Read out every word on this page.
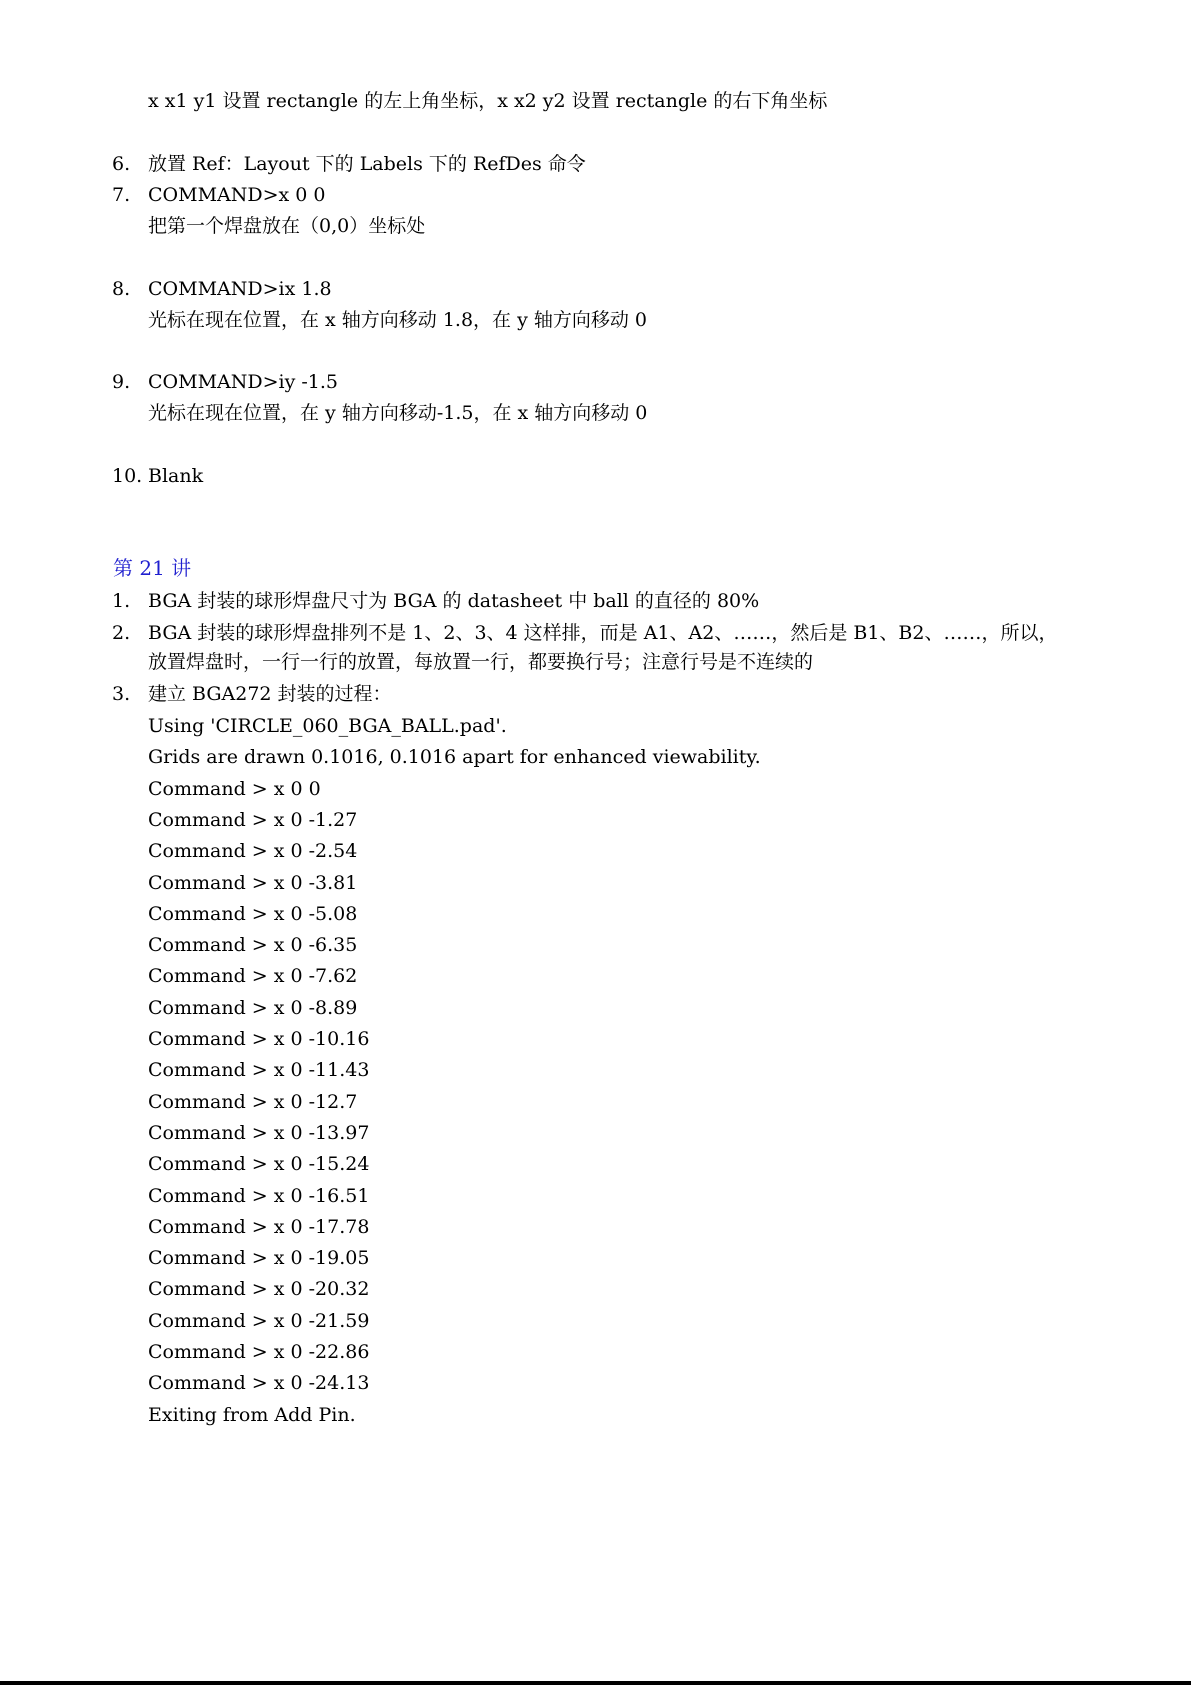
x x1 y1 设置 rectangle 的左上角坐标，x x2 y2 设置 rectangle 的右下角坐标
6. 放置 Ref：Layout 下的 Labels 下的 RefDes 命令
7. COMMAND>x 0 0
把第一个焊盘放在（0,0）坐标处
8. COMMAND>ix 1.8
光标在现在位置，在 x 轴方向移动 1.8，在 y 轴方向移动 0
9. COMMAND>iy -1.5
光标在现在位置，在 y 轴方向移动-1.5，在 x 轴方向移动 0
10. Blank
第 21 讲
1. BGA 封装的球形焊盘尺寸为 BGA 的 datasheet 中 ball 的直径的 80%
2. BGA 封装的球形焊盘排列不是 1、2、3、4 这样排，而是 A1、A2、……，然后是 B1、B2、……，所以，
放置焊盘时，一行一行的放置，每放置一行，都要换行号；注意行号是不连续的
3. 建立 BGA272 封装的过程：
Using 'CIRCLE_060_BGA_BALL.pad'.
Grids are drawn 0.1016, 0.1016 apart for enhanced viewability.
Command > x 0 0
Command > x 0 -1.27
Command > x 0 -2.54
Command > x 0 -3.81
Command > x 0 -5.08
Command > x 0 -6.35
Command > x 0 -7.62
Command > x 0 -8.89
Command > x 0 -10.16
Command > x 0 -11.43
Command > x 0 -12.7
Command > x 0 -13.97
Command > x 0 -15.24
Command > x 0 -16.51
Command > x 0 -17.78
Command > x 0 -19.05
Command > x 0 -20.32
Command > x 0 -21.59
Command > x 0 -22.86
Command > x 0 -24.13
Exiting from Add Pin.
